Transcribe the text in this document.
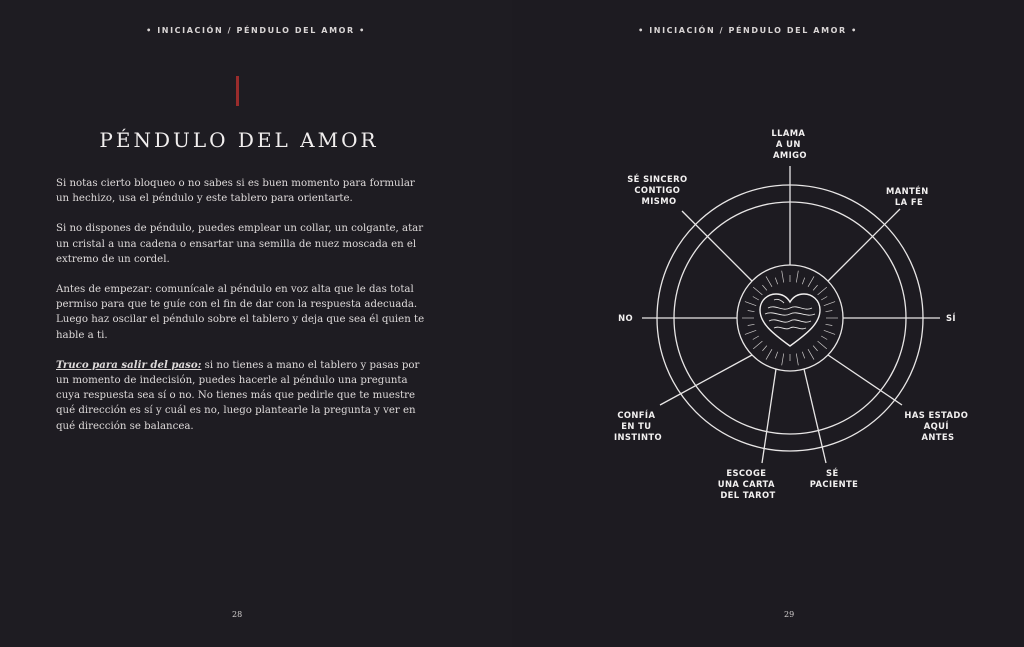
• INICIACIÓN / PÉNDULO DEL AMOR •
PÉNDULO DEL AMOR

Si notas cierto bloqueo o no sabes si es buen momento para formular un hechizo, usa el péndulo y este tablero para orientarte.

Si no dispones de péndulo, puedes emplear un collar, un colgante, atar un cristal a una cadena o ensartar una semilla de nuez moscada en el extremo de un cordel.

Antes de empezar: comunícale al péndulo en voz alta que le das total permiso para que te guíe con el fin de dar con la respuesta adecuada. Luego haz oscilar el péndulo sobre el tablero y deja que sea él quien te hable a ti.

Truco para salir del paso: si no tienes a mano el tablero y pasas por un momento de indecisión, puedes hacerle al péndulo una pregunta cuya respuesta sea sí o no. No tienes más que pedirle que te muestre qué dirección es sí y cuál es no, luego plantearle la pregunta y ver en qué dirección se balancea.

28
• INICIACIÓN / PÉNDULO DEL AMOR •
LLAMA A UN AMIGO
SÉ SINCERO CONTIGO MISMO
MANTÉN LA FE
NO	SÍ
CONFÍA EN TU INSTINTO
HAS ESTADO AQUÍ ANTES
ESCOGE UNA CARTA DEL TAROT
SÉ PACIENTE
29
